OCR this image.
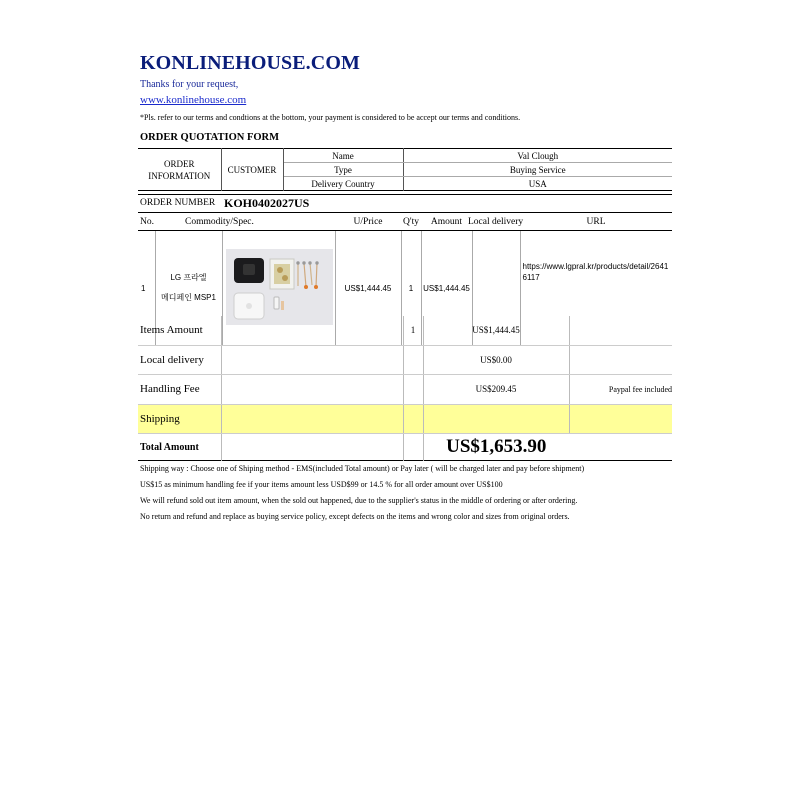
KONLINEHOUSE.COM
Thanks for your request,
www.konlinehouse.com
*Pls. refer to our terms and condtions at the bottom, your payment is considered to be accept our terms and conditions.
ORDER QUOTATION FORM
ORDER
INFORMATION	CUSTOMER	Name	Val Clough
		Type	Buying Service
		Delivery Country	USA
ORDER NUMBER KOH0402027US
No.	Commodity/Spec.		U/Price	Q'ty	Amount	Local delivery	URL
1	LG 프라엘
메디페인 MSP1		US$1,444.45	1	US$1,444.45		https://www.lgpral.kr/products/detail/26416117
Items Amount		1	US$1,444.45	
Local delivery			US$0.00	
Handling Fee			US$209.45	Paypal fee included
Shipping				
Total Amount			US$1,653.90	
Shipping way : Choose one of Shiping method - EMS(included Total amount) or Pay later ( will be charged later and pay before shipment)
US$15 as minimum handling fee if your items amount less USD$99 or 14.5 % for all order amount over US$100
We will refund sold out item amount, when the sold out happened, due to the supplier's status in the middle of ordering or after ordering.
No return and refund and replace as buying service policy, except defects on the items and wrong color and sizes from original orders.
